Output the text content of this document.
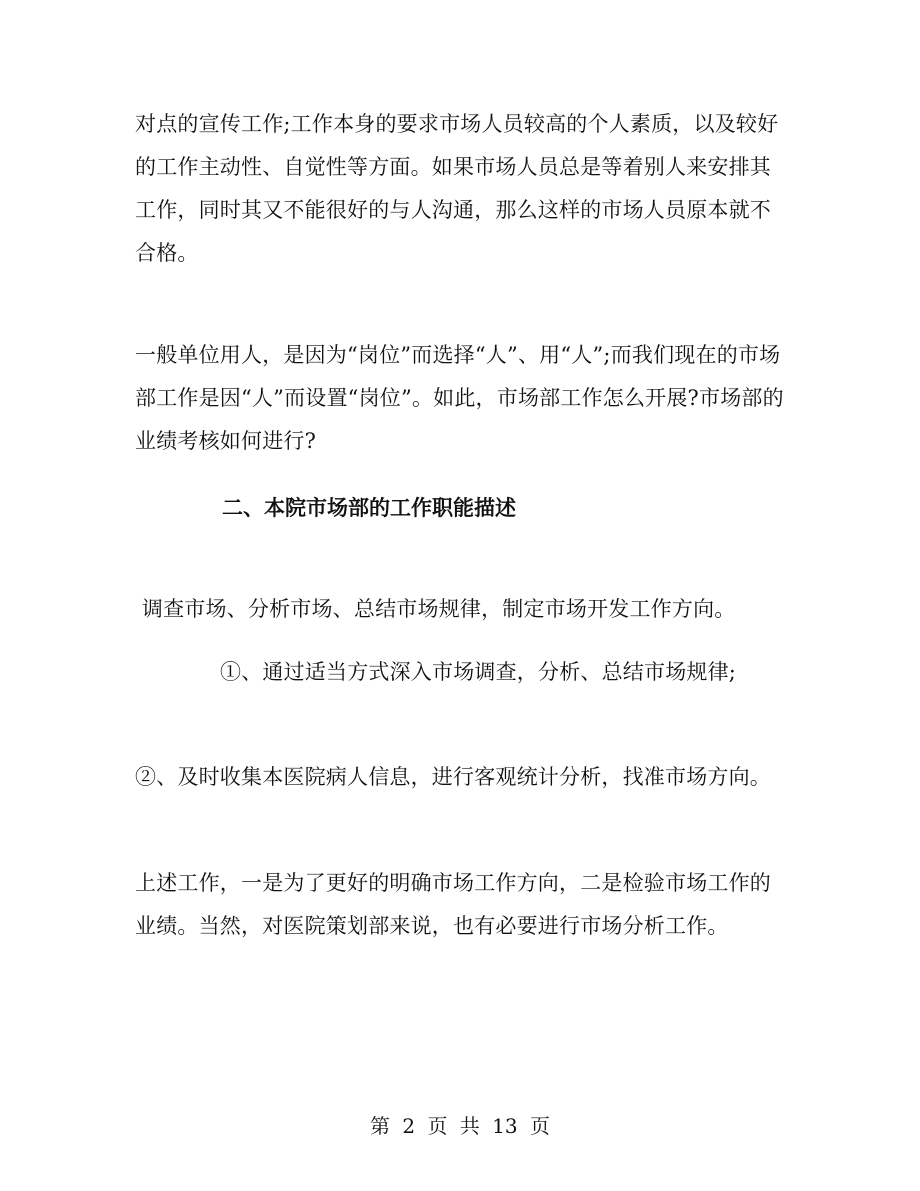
对点的宣传工作;工作本身的要求市场人员较高的个人素质，以及较好的工作主动性、自觉性等方面。如果市场人员总是等着别人来安排其工作，同时其又不能很好的与人沟通，那么这样的市场人员原本就不合格。

一般单位用人，是因为“岗位”而选择“人”、用“人”;而我们现在的市场部工作是因“人”而设置“岗位”。如此，市场部工作怎么开展?市场部的业绩考核如何进行?

二、本院市场部的工作职能描述

调查市场、分析市场、总结市场规律，制定市场开发工作方向。

①、通过适当方式深入市场调查，分析、总结市场规律;

②、及时收集本医院病人信息，进行客观统计分析，找准市场方向。

上述工作，一是为了更好的明确市场工作方向，二是检验市场工作的业绩。当然，对医院策划部来说，也有必要进行市场分析工作。

第 2 页 共 13 页
